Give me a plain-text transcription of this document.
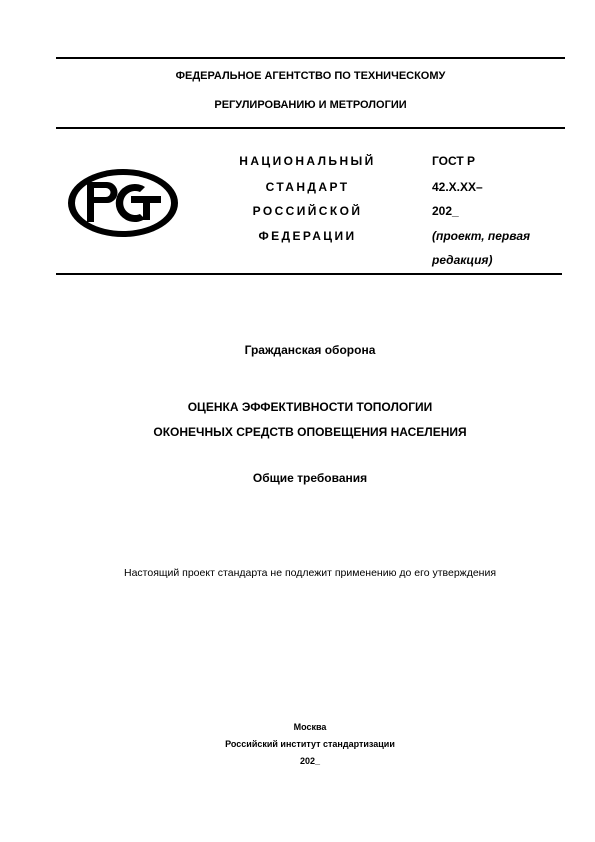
ФЕДЕРАЛЬНОЕ АГЕНТСТВО ПО ТЕХНИЧЕСКОМУ
РЕГУЛИРОВАНИЮ И МЕТРОЛОГИИ
НАЦИОНАЛЬНЫЙ
СТАНДАРТ
РОССИЙСКОЙ
ФЕДЕРАЦИИ
ГОСТ Р
42.Х.ХХ–
202_
(проект, первая
редакция)
Гражданская оборона
ОЦЕНКА ЭФФЕКТИВНОСТИ ТОПОЛОГИИ
ОКОНЕЧНЫХ СРЕДСТВ ОПОВЕЩЕНИЯ НАСЕЛЕНИЯ
Общие требования
Настоящий проект стандарта не подлежит применению до его утверждения
Москва
Российский институт стандартизации
202_
